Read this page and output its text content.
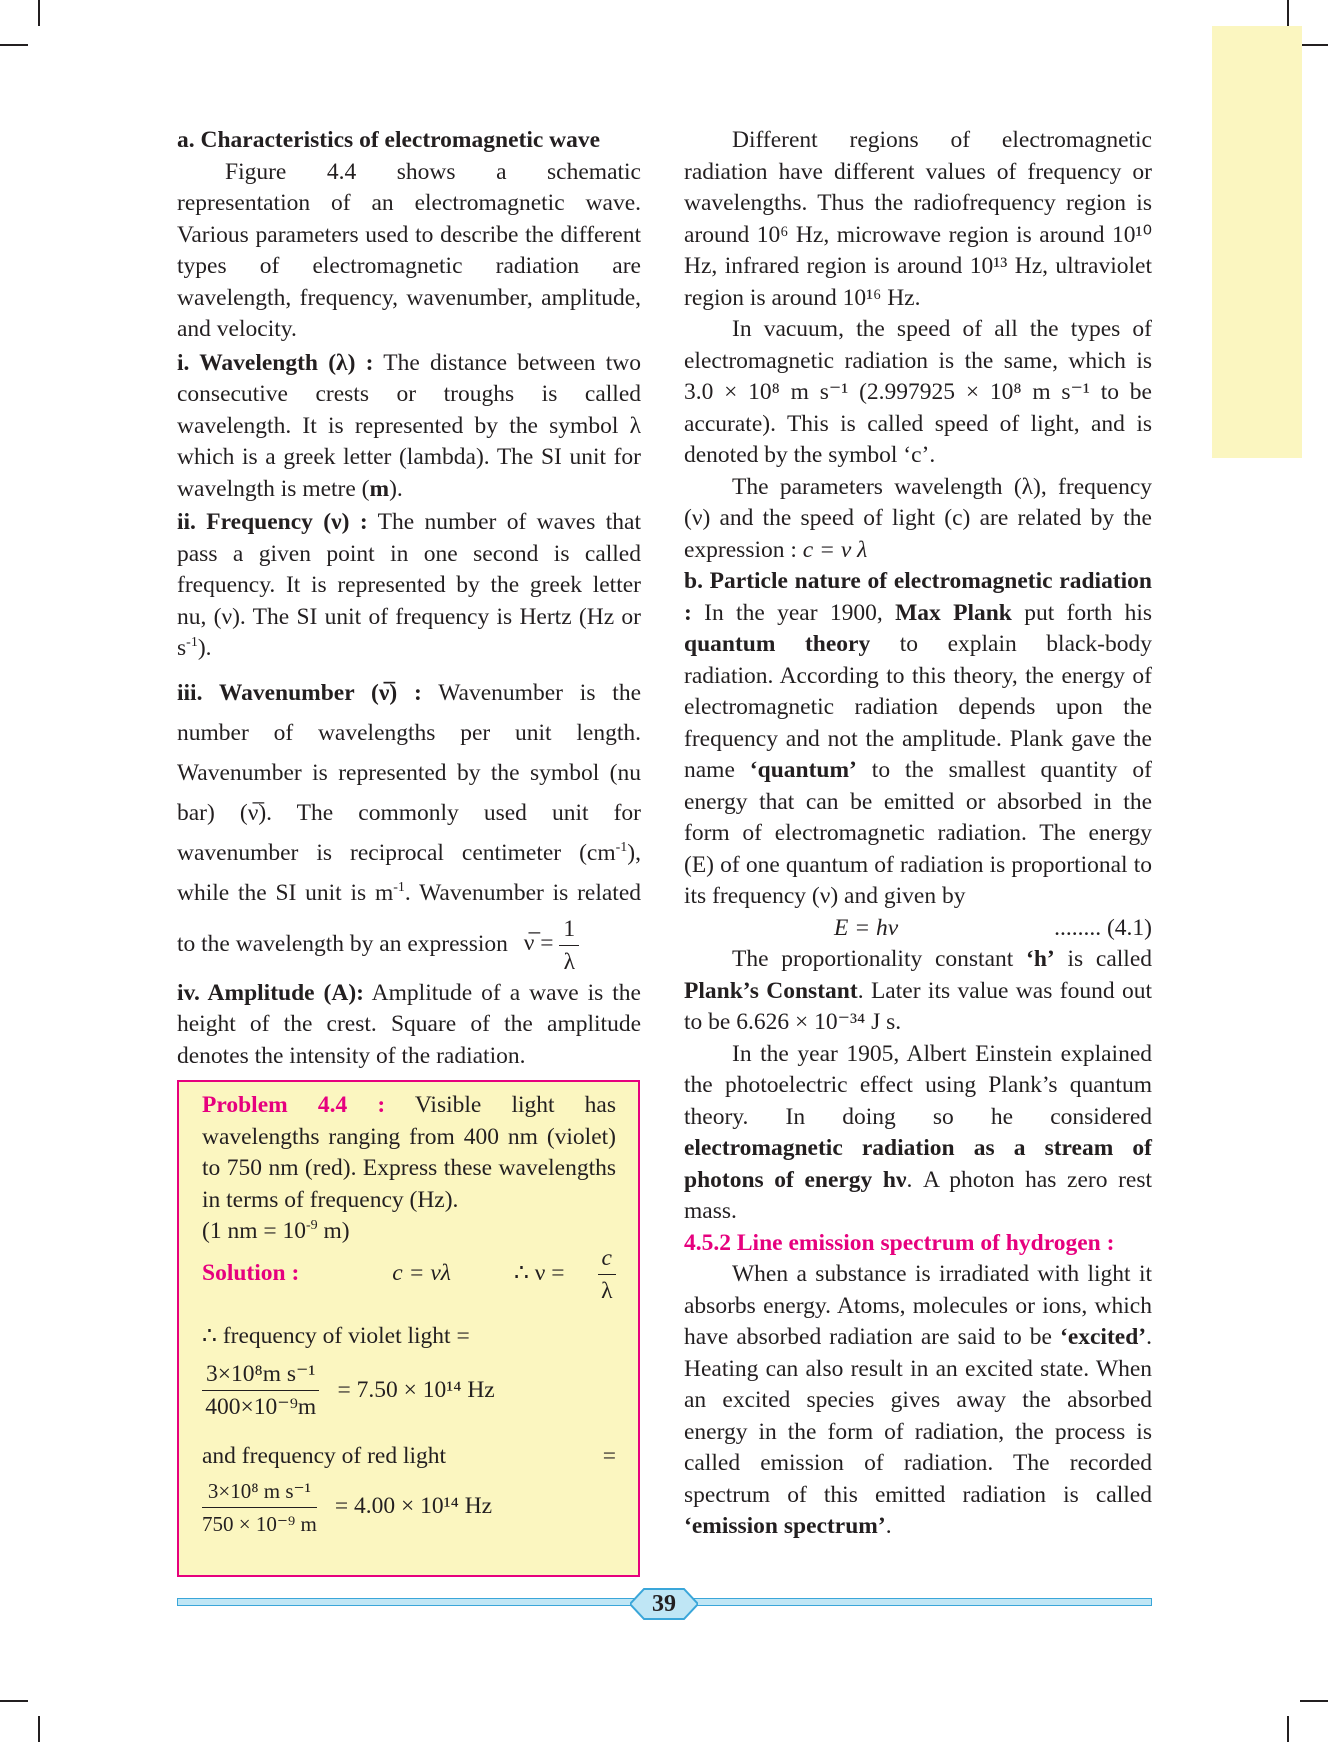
a. Characteristics of electromagnetic wave

Figure 4.4 shows a schematic representation of an electromagnetic wave. Various parameters used to describe the different types of electromagnetic radiation are wavelength, frequency, wavenumber, amplitude, and velocity.

i. Wavelength (λ) : The distance between two consecutive crests or troughs is called wavelength. It is represented by the symbol λ which is a greek letter (lambda). The SI unit for wavelngth is metre (m).

ii. Frequency (ν) : The number of waves that pass a given point in one second is called frequency. It is represented by the greek letter nu, (ν). The SI unit of frequency is Hertz (Hz or $s^{-1}$).

iii. Wavenumber (ν̅) : Wavenumber is the number of wavelengths per unit length. Wavenumber is represented by the symbol (nu bar) (ν̅). The commonly used unit for wavenumber is reciprocal centimeter $(cm^{-1})$, while the SI unit is $m^{-1}$. Wavenumber is related to the wavelength by an expression ν̅ = $\frac{1}{\lambda}$

iv. Amplitude (A): Amplitude of a wave is the height of the crest. Square of the amplitude denotes the intensity of the radiation.

Problem 4.4 : Visible light has wavelengths ranging from 400 nm (violet) to 750 nm (red). Express these wavelengths in terms of frequency (Hz).

(1 nm = $10^{-9}$ m)

Solution :	c = νλ	∴ $\nu = \frac{c}{\lambda}$

∴ frequency of violet light =

$\frac{\text{3×10⁸m s⁻¹}}{\text{400×10⁻⁹m}} = 7.50 \times 10^{14}$ Hz
and frequency of red light	=
$\frac{\text{3×10⁸ m s⁻¹}}{\text{750 × 10⁻⁹ m}} = 4.00 \times 10^{14}$ Hz

Different regions of electromagnetic radiation have different values of frequency or wavelengths. Thus the radiofrequency region is around 10⁶ Hz, microwave region is around 10¹⁰ Hz, infrared region is around 10¹³ Hz, ultraviolet region is around 10¹⁶ Hz.

In vacuum, the speed of all the types of electromagnetic radiation is the same, which is 3.0 × 10⁸ m s⁻¹ (2.997925 × 10⁸ m s⁻¹ to be accurate). This is called speed of light, and is denoted by the symbol ‘c’.

The parameters wavelength (λ), frequency (ν) and the speed of light (c) are related by the expression : c = ν λ

b. Particle nature of electromagnetic radiation : In the year 1900, Max Plank put forth his quantum theory to explain black-body radiation. According to this theory, the energy of electromagnetic radiation depends upon the frequency and not the amplitude. Plank gave the name ‘quantum’ to the smallest quantity of energy that can be emitted or absorbed in the form of electromagnetic radiation. The energy (E) of one quantum of radiation is proportional to its frequency (ν) and given by

E = hν	........ (4.1)

The proportionality constant ‘h’ is called Plank’s Constant. Later its value was found out to be 6.626 × 10⁻³⁴ J s.

In the year 1905, Albert Einstein explained the photoelectric effect using Plank’s quantum theory. In doing so he considered electromagnetic radiation as a stream of photons of energy hν. A photon has zero rest mass.

4.5.2 Line emission spectrum of hydrogen :

When a substance is irradiated with light it absorbs energy. Atoms, molecules or ions, which have absorbed radiation are said to be ‘excited’. Heating can also result in an excited state. When an excited species gives away the absorbed energy in the form of radiation, the process is called emission of radiation. The recorded spectrum of this emitted radiation is called ‘emission spectrum’.

39
